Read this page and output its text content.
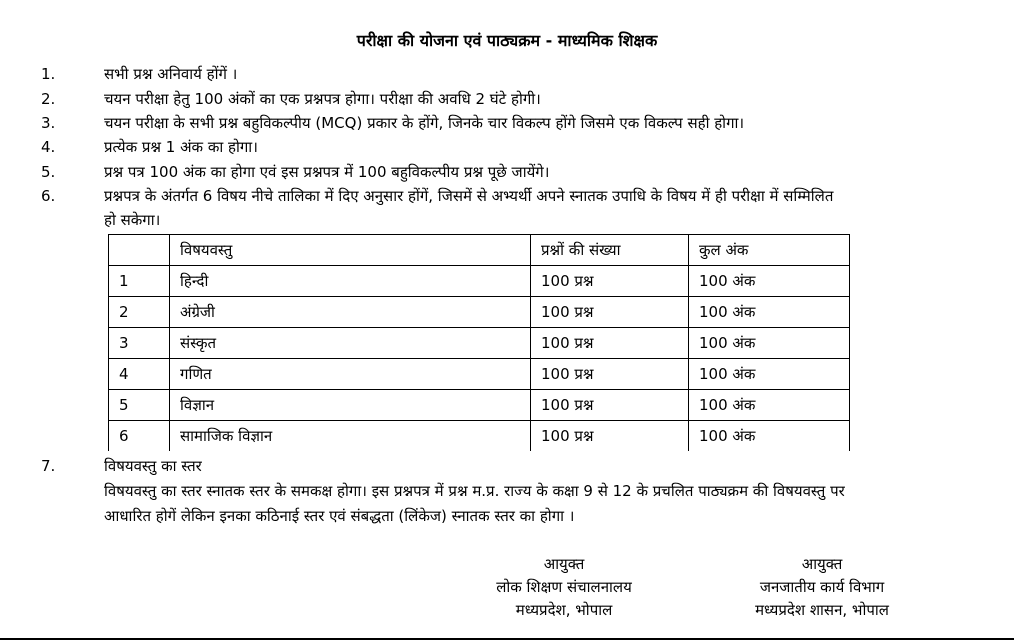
परीक्षा की योजना एवं पाठ्यक्रम - माध्यमिक शिक्षक
1.	सभी प्रश्न अनिवार्य होंगें ।
2.	चयन परीक्षा हेतु 100 अंकों का एक प्रश्नपत्र होगा। परीक्षा की अवधि 2 घंटे होगी।
3.	चयन परीक्षा के सभी प्रश्न बहुविकल्पीय (MCQ) प्रकार के होंगे, जिनके चार विकल्प होंगे जिसमे एक विकल्प सही होगा।
4.	प्रत्येक प्रश्न 1 अंक का होगा।
5.	प्रश्न पत्र 100 अंक का होगा एवं इस प्रश्नपत्र में 100 बहुविकल्पीय प्रश्न पूछे जायेंगे।
6.	प्रश्नपत्र के अंतर्गत 6 विषय नीचे तालिका में दिए अनुसार होंगें, जिसमें से अभ्यर्थी अपने स्नातक उपाधि के विषय में ही परीक्षा में सम्मिलित
हो सकेगा।
	विषयवस्तु	प्रश्नों की संख्या	कुल अंक
1	हिन्दी	100 प्रश्न	100 अंक
2	अंग्रेजी	100 प्रश्न	100 अंक
3	संस्कृत	100 प्रश्न	100 अंक
4	गणित	100 प्रश्न	100 अंक
5	विज्ञान	100 प्रश्न	100 अंक
6	सामाजिक विज्ञान	100 प्रश्न	100 अंक
7.	विषयवस्तु का स्तर
विषयवस्तु का स्तर स्नातक स्तर के समकक्ष होगा। इस प्रश्नपत्र में प्रश्न म.प्र. राज्य के कक्षा 9 से 12 के प्रचलित पाठ्यक्रम की विषयवस्तु पर
आधारित होगें लेकिन इनका कठिनाई स्तर एवं संबद्धता (लिंकेज) स्नातक स्तर का होगा ।
आयुक्त
लोक शिक्षण संचालनालय
मध्यप्रदेश, भोपाल
आयुक्त
जनजातीय कार्य विभाग
मध्यप्रदेश शासन, भोपाल
